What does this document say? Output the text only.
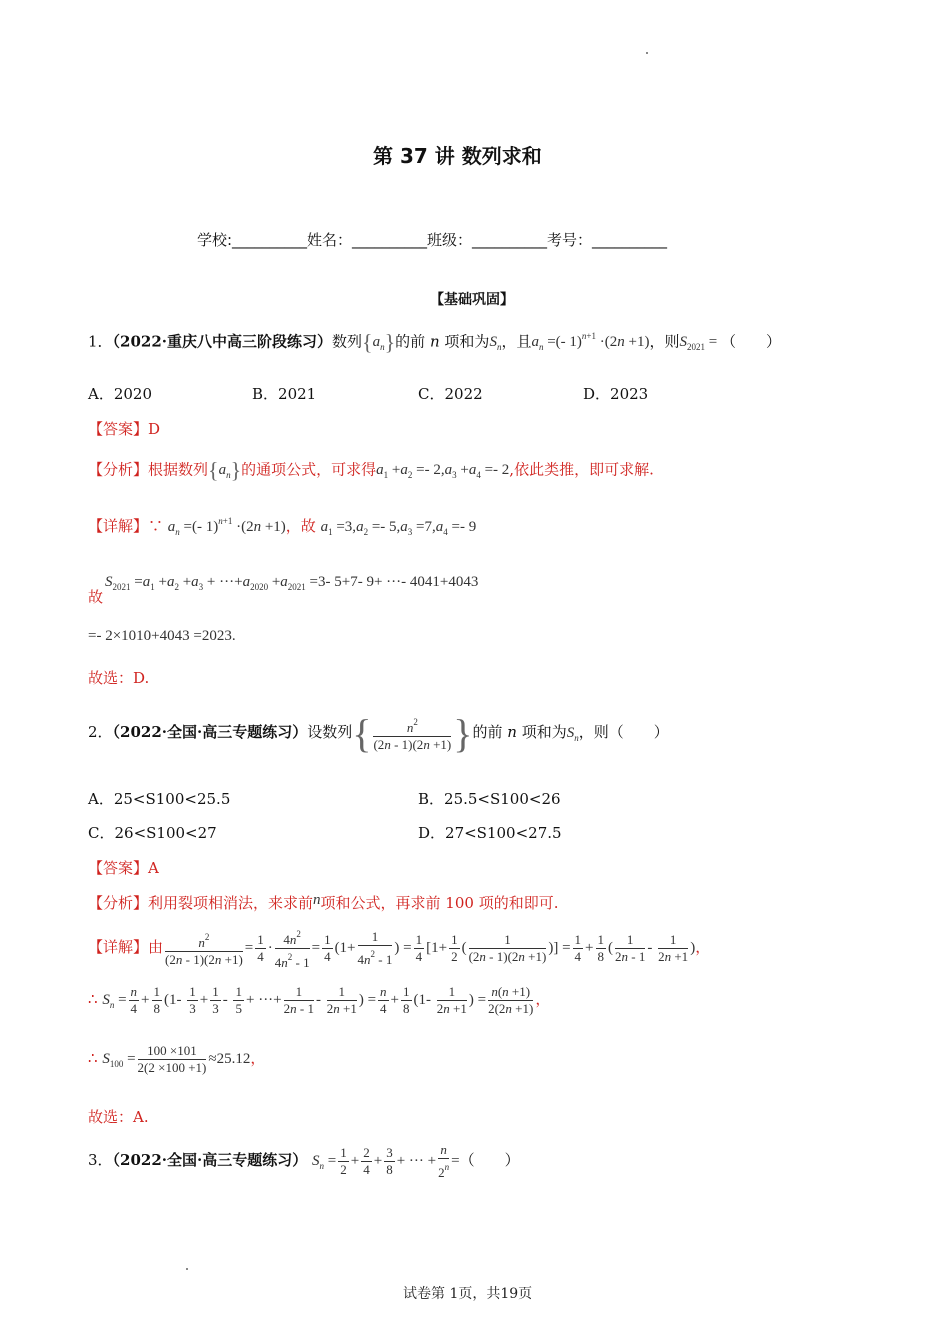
第 37 讲 数列求和
学校:__________姓名：__________班级：__________考号：__________
【基础巩固】
1．（2022·重庆八中高三阶段练习）数列$\{a_n\}$的前 n 项和为$S_n$，且$a_n$ =(- 1)$^{n+1}$ ·(2n +1)，则$S_{2021}$ = （　　）
A．2020	B．2021	C．2022	D．2023
【答案】D
【分析】根据数列$\{a_n\}$的通项公式，可求得$a_1 +a_2 =- 2,a_3 +a_4 =- 2$,依此类推，即可求解.
【详解】∵ $a_n$ =(- 1)$^{n+1}$ ·(2n +1)，故 $a_1 =3,a_2 =- 5,a_3 =7,a_4 =- 9$
$S_{2021} =a_1 +a_2 +a_3 + \cdot\cdot\cdot+a_{2020} +a_{2021} =3-$ 5+7- 9+ ···- 4041+4043
故
=- 2×1010+4043 =2023.
故选：D.
2．（2022·全国·高三专题练习）设数列{ $\frac{n^2}{(2n - 1)(2n +1)}$ }的前 n 项和为$S_n$，则（　　）
A．25<S100<25.5	B．25.5<S100<26
C．26<S100<27	D．27<S100<27.5
【答案】A
【分析】利用裂项相消法，来求前n项和公式，再求前 100 项的和即可.
【详解】由 $\frac{n^2}{(2n - 1)(2n +1)} = \frac{1}{4} \cdot \frac{4n^2}{4n^2 - 1} = \frac{1}{4} (1+ \frac{1}{4n^2 - 1}$ ) = $\frac{1}{4} [1+ \frac{1}{2}$ ( $\frac{1}{(2n - 1)(2n +1)}$ )] = $\frac{1}{4} + \frac{1}{8}$ ( $\frac{1}{2n - 1} - \frac{1}{2n +1}$ )，
∴ $S_n = \frac{n}{4} + \frac{1}{8} (1- \frac{1}{3} + \frac{1}{3} - \frac{1}{5}$ + ···+ $\frac{1}{2n - 1} - \frac{1}{2n +1}$ ) = $\frac{n}{4} + \frac{1}{8} (1- \frac{1}{2n +1}$ ) = $\frac{n(n +1)}{2(2n +1)}$ ，
∴ $S_{100} = \frac{100 \times 101}{2(2 \times 100 +1)} \approx 25.12$，
故选：A.
3．（2022·全国·高三专题练习） $S_n = \frac{1}{2} + \frac{2}{4} + \frac{3}{8}$ + ··· + $\frac{n}{2^n}$ =（　　）
试卷第 1页，共19页
